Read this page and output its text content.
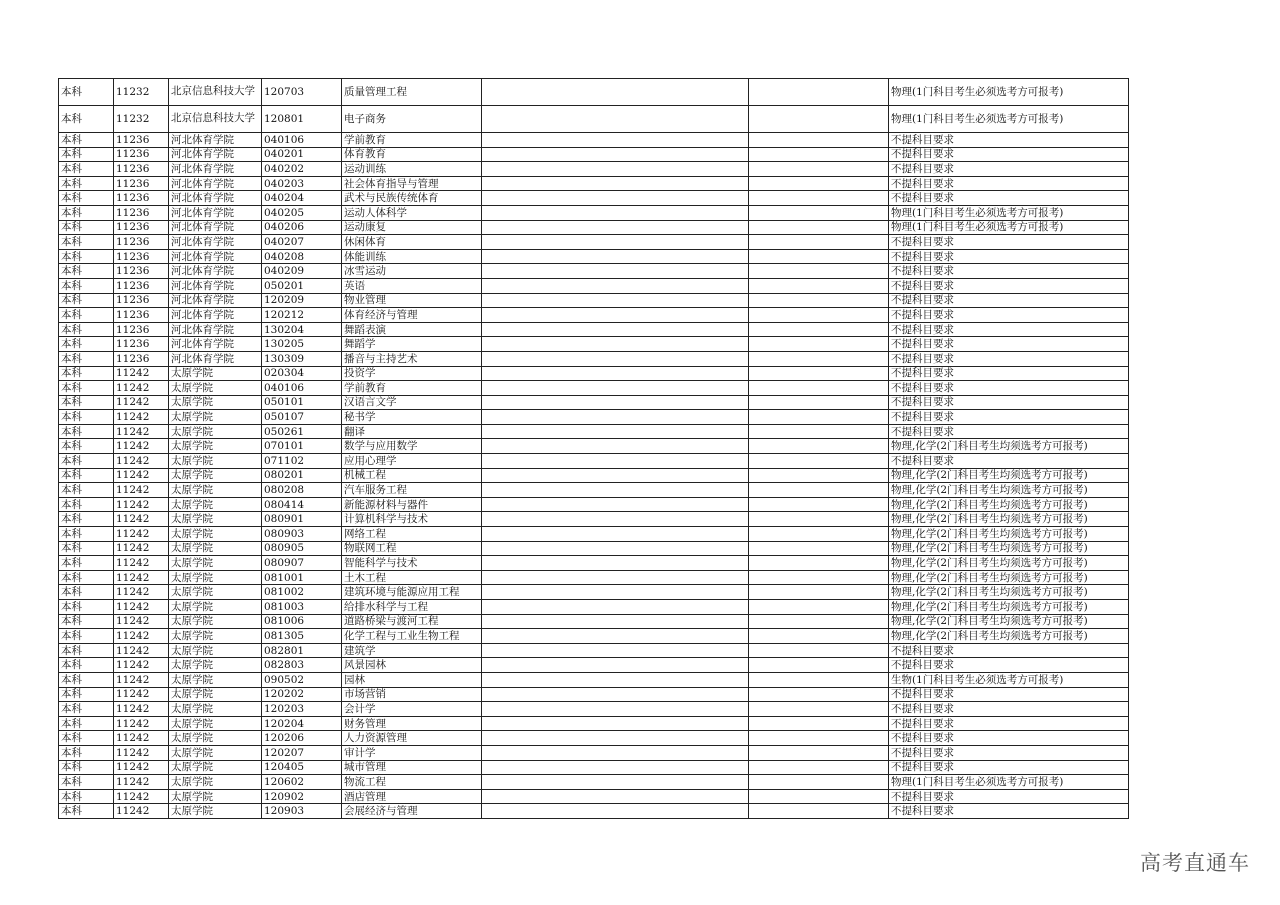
本科	11232	北京信息科技大学	120703	质量管理工程			物理(1门科目考生必须选考方可报考)
本科	11232	北京信息科技大学	120801	电子商务			物理(1门科目考生必须选考方可报考)
本科	11236	河北体育学院	040106	学前教育			不提科目要求
本科	11236	河北体育学院	040201	体育教育			不提科目要求
本科	11236	河北体育学院	040202	运动训练			不提科目要求
本科	11236	河北体育学院	040203	社会体育指导与管理			不提科目要求
本科	11236	河北体育学院	040204	武术与民族传统体育			不提科目要求
本科	11236	河北体育学院	040205	运动人体科学			物理(1门科目考生必须选考方可报考)
本科	11236	河北体育学院	040206	运动康复			物理(1门科目考生必须选考方可报考)
本科	11236	河北体育学院	040207	休闲体育			不提科目要求
本科	11236	河北体育学院	040208	体能训练			不提科目要求
本科	11236	河北体育学院	040209	冰雪运动			不提科目要求
本科	11236	河北体育学院	050201	英语			不提科目要求
本科	11236	河北体育学院	120209	物业管理			不提科目要求
本科	11236	河北体育学院	120212	体育经济与管理			不提科目要求
本科	11236	河北体育学院	130204	舞蹈表演			不提科目要求
本科	11236	河北体育学院	130205	舞蹈学			不提科目要求
本科	11236	河北体育学院	130309	播音与主持艺术			不提科目要求
本科	11242	太原学院	020304	投资学			不提科目要求
本科	11242	太原学院	040106	学前教育			不提科目要求
本科	11242	太原学院	050101	汉语言文学			不提科目要求
本科	11242	太原学院	050107	秘书学			不提科目要求
本科	11242	太原学院	050261	翻译			不提科目要求
本科	11242	太原学院	070101	数学与应用数学			物理,化学(2门科目考生均须选考方可报考)
本科	11242	太原学院	071102	应用心理学			不提科目要求
本科	11242	太原学院	080201	机械工程			物理,化学(2门科目考生均须选考方可报考)
本科	11242	太原学院	080208	汽车服务工程			物理,化学(2门科目考生均须选考方可报考)
本科	11242	太原学院	080414	新能源材料与器件			物理,化学(2门科目考生均须选考方可报考)
本科	11242	太原学院	080901	计算机科学与技术			物理,化学(2门科目考生均须选考方可报考)
本科	11242	太原学院	080903	网络工程			物理,化学(2门科目考生均须选考方可报考)
本科	11242	太原学院	080905	物联网工程			物理,化学(2门科目考生均须选考方可报考)
本科	11242	太原学院	080907	智能科学与技术			物理,化学(2门科目考生均须选考方可报考)
本科	11242	太原学院	081001	土木工程			物理,化学(2门科目考生均须选考方可报考)
本科	11242	太原学院	081002	建筑环境与能源应用工程			物理,化学(2门科目考生均须选考方可报考)
本科	11242	太原学院	081003	给排水科学与工程			物理,化学(2门科目考生均须选考方可报考)
本科	11242	太原学院	081006	道路桥梁与渡河工程			物理,化学(2门科目考生均须选考方可报考)
本科	11242	太原学院	081305	化学工程与工业生物工程			物理,化学(2门科目考生均须选考方可报考)
本科	11242	太原学院	082801	建筑学			不提科目要求
本科	11242	太原学院	082803	风景园林			不提科目要求
本科	11242	太原学院	090502	园林			生物(1门科目考生必须选考方可报考)
本科	11242	太原学院	120202	市场营销			不提科目要求
本科	11242	太原学院	120203	会计学			不提科目要求
本科	11242	太原学院	120204	财务管理			不提科目要求
本科	11242	太原学院	120206	人力资源管理			不提科目要求
本科	11242	太原学院	120207	审计学			不提科目要求
本科	11242	太原学院	120405	城市管理			不提科目要求
本科	11242	太原学院	120602	物流工程			物理(1门科目考生必须选考方可报考)
本科	11242	太原学院	120902	酒店管理			不提科目要求
本科	11242	太原学院	120903	会展经济与管理			不提科目要求
高考直通车
